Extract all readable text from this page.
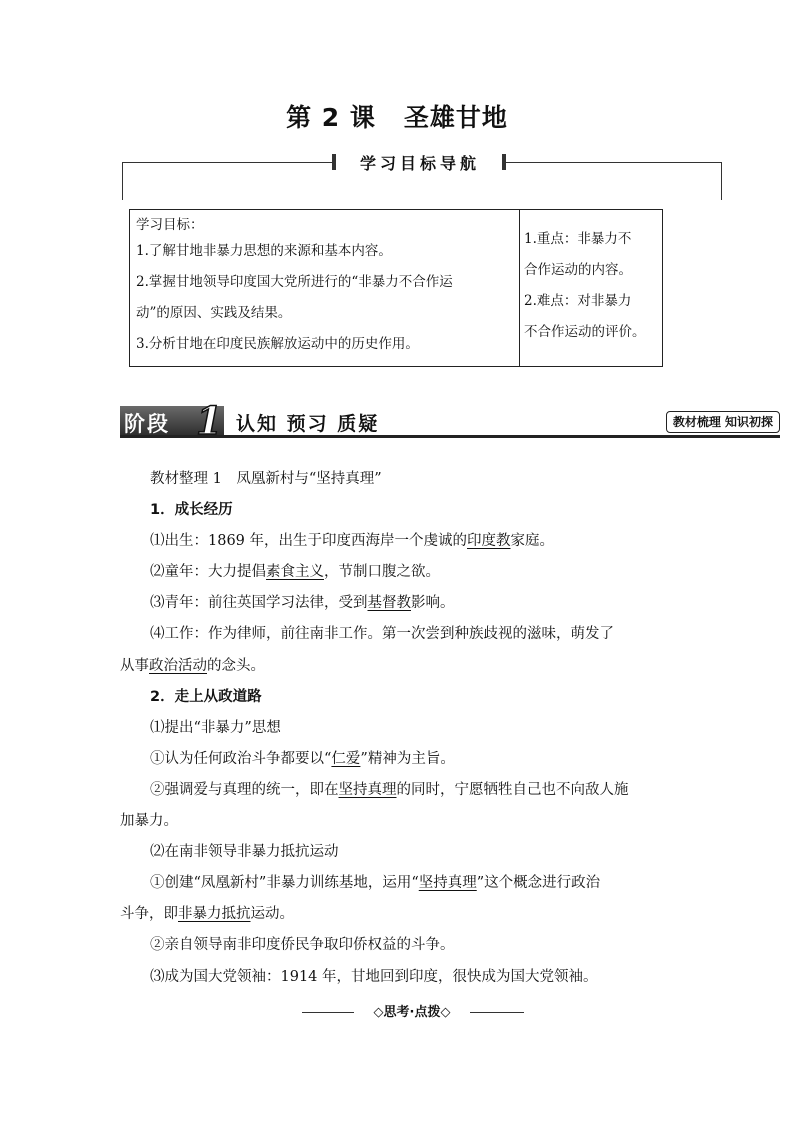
第 2 课 圣雄甘地
学习目标导航
学习目标：
1.了解甘地非暴力思想的来源和基本内容。
2.掌握甘地领导印度国大党所进行的“非暴力不合作运
动”的原因、实践及结果。
3.分析甘地在印度民族解放运动中的历史作用。
1.重点：非暴力不
合作运动的内容。
2.难点：对非暴力
不合作运动的评价。
阶段 1 认知 预习 质疑	教材梳理 知识初探

教材整理 1　凤凰新村与“坚持真理”

1．成长经历

⑴出生：1869 年，出生于印度西海岸一个虔诚的印度教家庭。

⑵童年：大力提倡素食主义，节制口腹之欲。

⑶青年：前往英国学习法律，受到基督教影响。

⑷工作：作为律师，前往南非工作。第一次尝到种族歧视的滋味，萌发了

从事政治活动的念头。

2．走上从政道路

⑴提出“非暴力”思想

①认为任何政治斗争都要以“仁爱”精神为主旨。

②强调爱与真理的统一，即在坚持真理的同时，宁愿牺牲自己也不向敌人施

加暴力。

⑵在南非领导非暴力抵抗运动

①创建“凤凰新村”非暴力训练基地，运用“坚持真理”这个概念进行政治

斗争，即非暴力抵抗运动。

②亲自领导南非印度侨民争取印侨权益的斗争。

⑶成为国大党领袖：1914 年，甘地回到印度，很快成为国大党领袖。

◇思考·点拨◇
